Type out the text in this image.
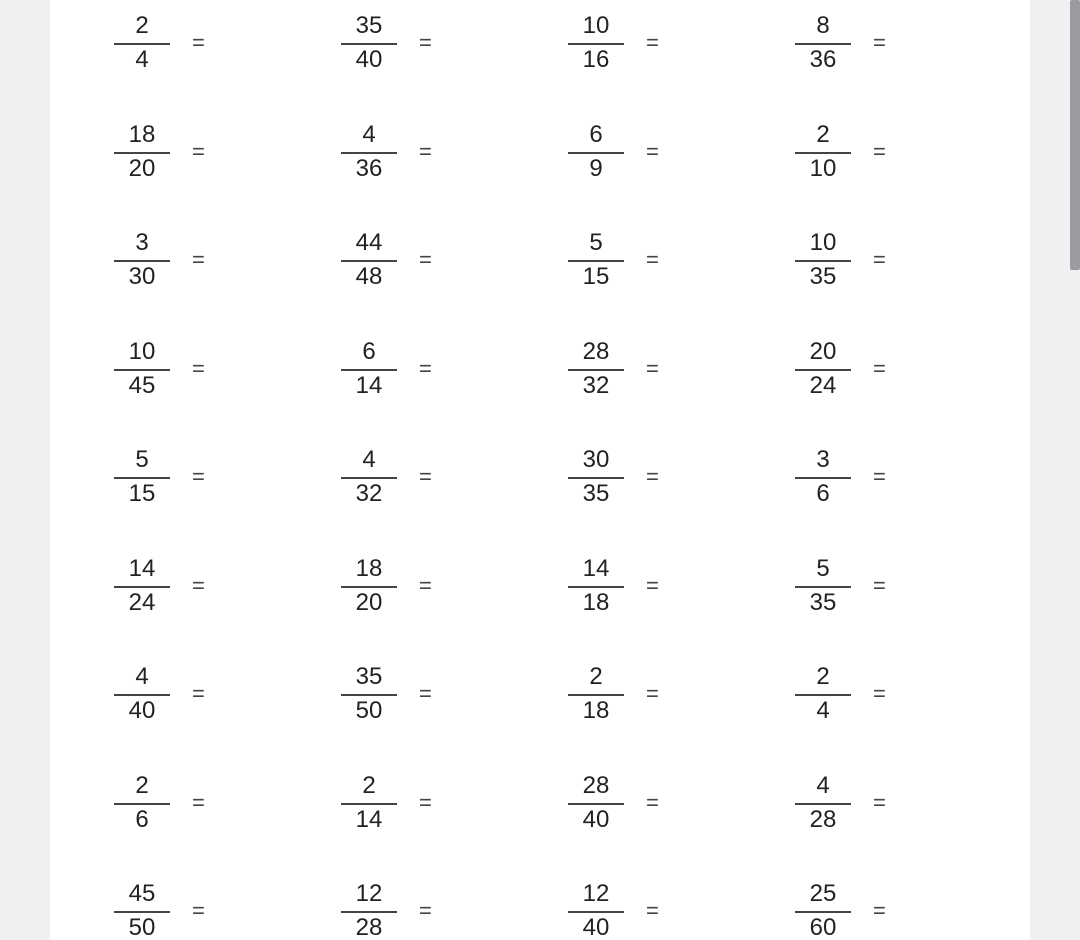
2
4
=
35
40
=
10
16
=
8
36
=
18
20
=
4
36
=
6
9
=
2
10
=
3
30
=
44
48
=
5
15
=
10
35
=
10
45
=
6
14
=
28
32
=
20
24
=
5
15
=
4
32
=
30
35
=
3
6
=
14
24
=
18
20
=
14
18
=
5
35
=
4
40
=
35
50
=
2
18
=
2
4
=
2
6
=
2
14
=
28
40
=
4
28
=
45
50
=
12
28
=
12
40
=
25
60
=
